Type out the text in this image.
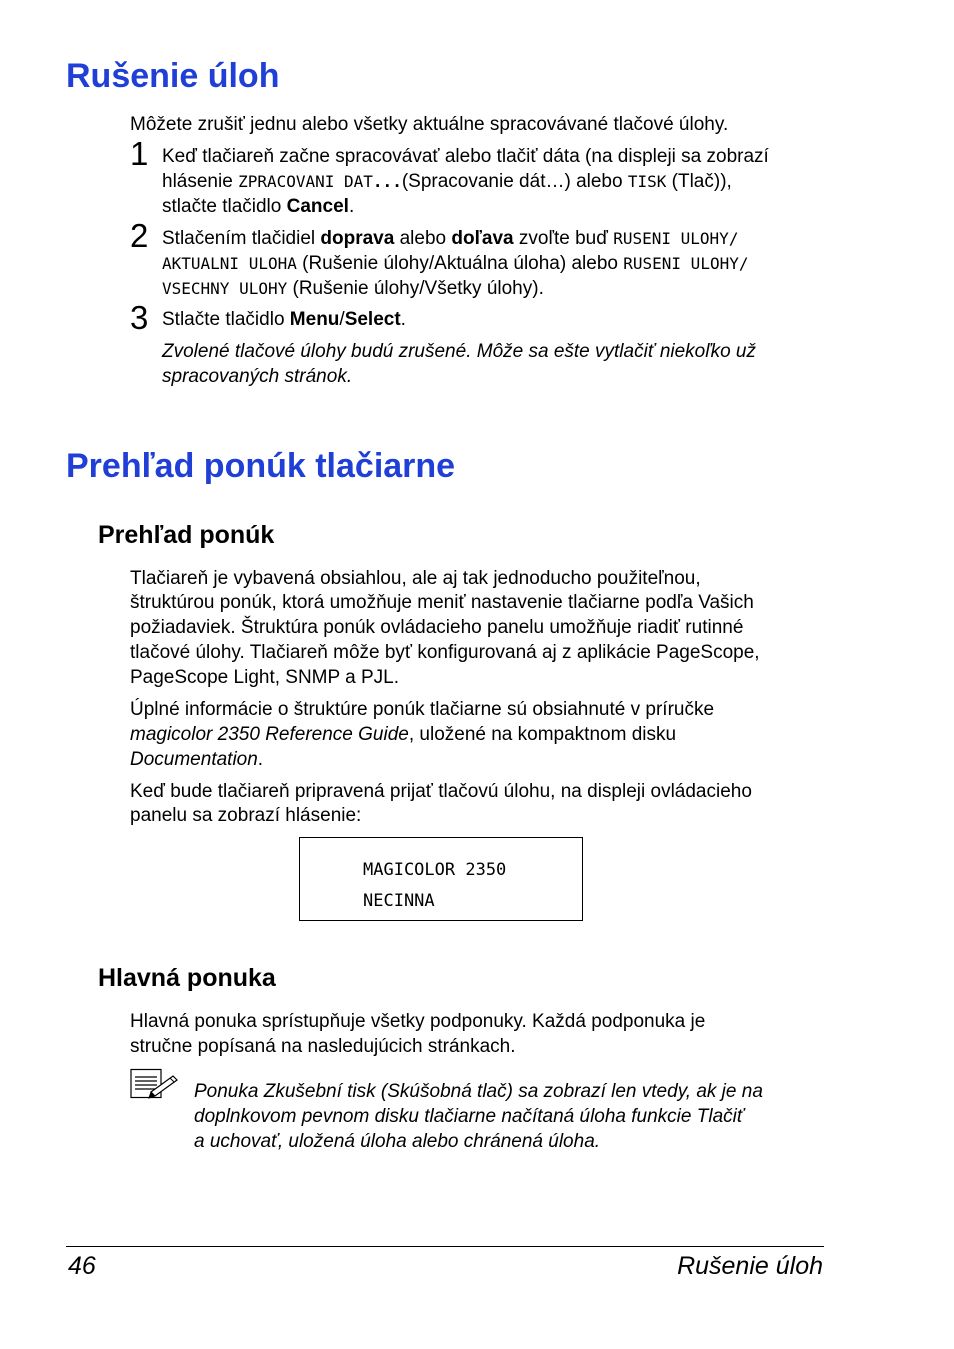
Rušenie úloh
Môžete zrušiť jednu alebo všetky aktuálne spracovávané tlačové úlohy.
1 Keď tlačiareň začne spracovávať alebo tlačiť dáta (na displeji sa zobrazí
hlásenie ZPRACOVANI DAT...(Spracovanie dát…) alebo TISK (Tlač)),
stlačte tlačidlo Cancel.
2 Stlačením tlačidiel doprava alebo doľava zvoľte buď RUSENI ULOHY/
AKTUALNI ULOHA (Rušenie úlohy/Aktuálna úloha) alebo RUSENI ULOHY/
VSECHNY ULOHY (Rušenie úlohy/Všetky úlohy).
3 Stlačte tlačidlo Menu/Select.
Zvolené tlačové úlohy budú zrušené. Môže sa ešte vytlačiť niekoľko už
spracovaných stránok.
Prehľad ponúk tlačiarne
Prehľad ponúk
Tlačiareň je vybavená obsiahlou, ale aj tak jednoducho použiteľnou,
štruktúrou ponúk, ktorá umožňuje meniť nastavenie tlačiarne podľa Vašich
požiadaviek. Štruktúra ponúk ovládacieho panelu umožňuje riadiť rutinné
tlačové úlohy. Tlačiareň môže byť konfigurovaná aj z aplikácie PageScope,
PageScope Light, SNMP a PJL.
Úplné informácie o štruktúre ponúk tlačiarne sú obsiahnuté v príručke
magicolor 2350 Reference Guide, uložené na kompaktnom disku
Documentation.
Keď bude tlačiareň pripravená prijať tlačovú úlohu, na displeji ovládacieho
panelu sa zobrazí hlásenie:
MAGICOLOR 2350
NECINNA
Hlavná ponuka
Hlavná ponuka sprístupňuje všetky podponuky. Každá podponuka je
stručne popísaná na nasledujúcich stránkach.
Ponuka Zkušební tisk (Skúšobná tlač) sa zobrazí len vtedy, ak je na
doplnkovom pevnom disku tlačiarne načítaná úloha funkcie Tlačiť
a uchovať, uložená úloha alebo chránená úloha.
46	Rušenie úloh
